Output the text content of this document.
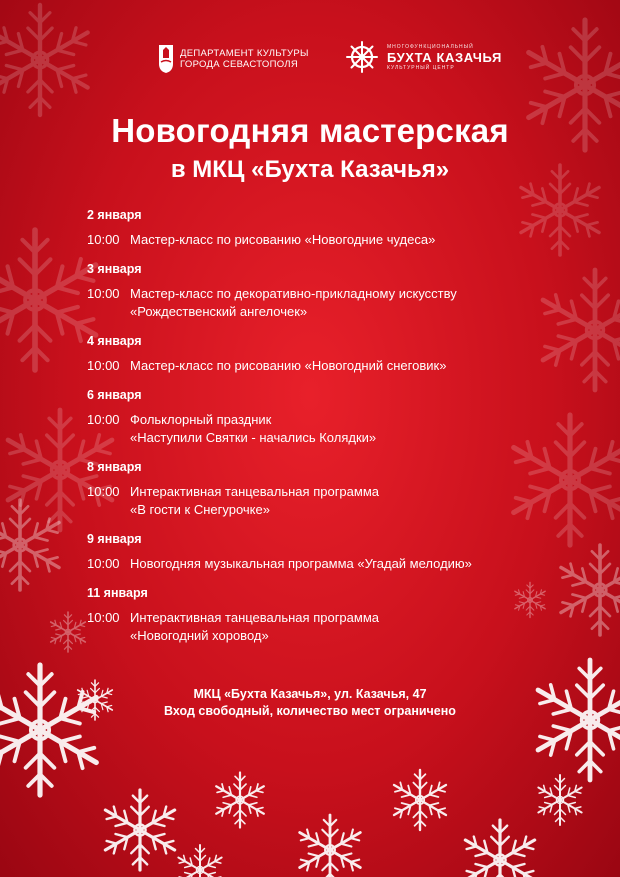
ДЕПАРТАМЕНТ КУЛЬТУРЫ
ГОРОДА СЕВАСТОПОЛЯ
МНОГОФУНКЦИОНАЛЬНЫЙ
БУХТА КАЗАЧЬЯ
КУЛЬТУРНЫЙ ЦЕНТР
Новогодняя мастерская
в МКЦ «Бухта Казачья»
2 января
10:00 Мастер-класс по рисованию «Новогодние чудеса»
3 января
10:00 Мастер-класс по декоративно-прикладному искусству
«Рождественский ангелочек»
4 января
10:00 Мастер-класс по рисованию «Новогодний снеговик»
6 января
10:00 Фольклорный праздник
«Наступили Святки - начались Колядки»
8 января
10:00 Интерактивная танцевальная программа
«В гости к Снегурочке»
9 января
10:00 Новогодняя музыкальная программа «Угадай мелодию»
11 января
10:00 Интерактивная танцевальная программа
«Новогодний хоровод»
МКЦ «Бухта Казачья», ул. Казачья, 47
Вход свободный, количество мест ограничено
